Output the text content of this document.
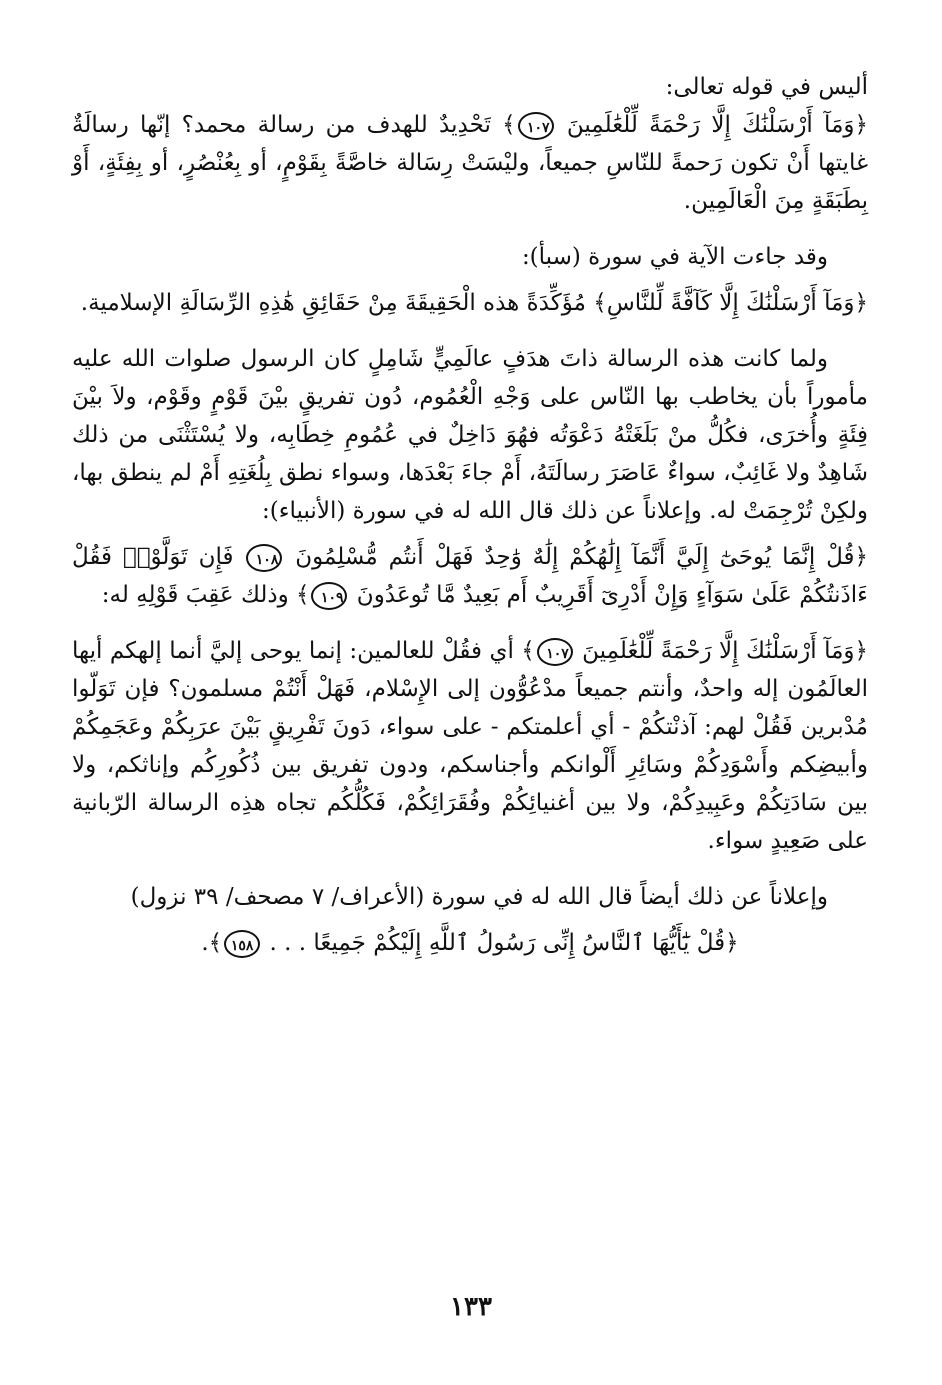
أليس في قوله تعالى:

﴿وَمَآ أَرْسَلْنَٰكَ إِلَّا رَحْمَةً لِّلْعَٰلَمِينَ ١٠٧﴾ تَحْدِيدٌ للهدف من رسالة محمد؟ إنّها رسالَةٌ غايتها أَنْ تكون رَحمةً للنّاسِ جميعاً، وليْسَتْ رِسَالة خاصَّةً بِقَوْمٍ، أو بِعُنْصُرٍ، أو بِفِئَةٍ، أَوْ بِطَبَقَةٍ مِنَ الْعَالَمِين.

وقد جاءت الآية في سورة (سبأ):

﴿وَمَآ أَرْسَلْنَٰكَ إِلَّا كَآفَّةً لِّلنَّاسِ﴾ مُؤَكِّدَةً هذه الْحَقِيقَةَ مِنْ حَقَائِقِ هَٰذِهِ الرِّسَالَةِ الإسلامية.

ولما كانت هذه الرسالة ذاتَ هدَفٍ عالَمِيٍّ شَامِلٍ كان الرسول صلوات الله عليه مأموراً بأن يخاطب بها النّاس على وَجْهِ الْعُمُوم، دُون تفريقٍ بيْنَ قَوْمٍ وقَوْم، ولاَ بيْنَ فِئَةٍ وأُخرَى، فكُلُّ منْ بَلَغَتْهُ دَعْوَتُه فهُوَ دَاخِلٌ في عُمُومِ خِطَابِه، ولا يُسْتَثْنَى من ذلك شَاهِدٌ ولا غَائِبٌ، سواءٌ عَاصَرَ رسالَتَهُ، أَمْ جاءَ بَعْدَها، وسواء نطق بِلُغَتِهِ أَمْ لم ينطق بها، ولكِنْ تُرْجِمَتْ له. وإعلاناً عن ذلك قال الله له في سورة (الأنبياء):

﴿قُلْ إِنَّمَا يُوحَىٰٓ إِلَيَّ أَنَّمَآ إِلَٰهُكُمْ إِلَٰهٌ وَٰحِدٌ فَهَلْ أَنتُم مُّسْلِمُونَ ١٠٨ فَإِن تَوَلَّوْا۟ فَقُلْ ءَاذَنتُكُمْ عَلَىٰ سَوَآءٍ وَإِنْ أَدْرِىٓ أَقَرِيبٌ أَم بَعِيدٌ مَّا تُوعَدُونَ ١٠٩﴾ وذلك عَقِبَ قَوْلِهِ له:

﴿وَمَآ أَرْسَلْنَٰكَ إِلَّا رَحْمَةً لِّلْعَٰلَمِينَ ١٠٧﴾ أي فقُلْ للعالمين: إنما يوحى إليَّ أنما إلهكم أيها العالَمُون إله واحدٌ، وأنتم جميعاً مدْعُوُّون إلى الإِسْلام، فَهَلْ أَنْتُمْ مسلمون؟ فإن تَوَلّوا مُدْبرين فَقُلْ لهم: آذنْتكُمْ - أي أعلمتكم - على سواء، دَونَ تَفْرِيقٍ بَيْنَ عرَبِكُمْ وعَجَمِكُمْ وأبيضِكم وأَسْوَدِكُمْ وسَائِرِ أَلْوانكم وأجناسكم، ودون تفريق بين ذُكُورِكُم وإناثكم، ولا بين سَادَتِكُمْ وعَبِيدِكُمْ، ولا بين أغنيائِكُمْ وفُقَرَائِكُمْ، فَكُلُّكُم تجاه هذِه الرسالة الرّبانية على صَعِيدٍ سواء.

وإعلاناً عن ذلك أيضاً قال الله له في سورة (الأعراف/ ٧ مصحف/ ٣٩ نزول)

﴿قُلْ يَٰٓأَيُّهَا ٱلنَّاسُ إِنِّى رَسُولُ ٱللَّهِ إِلَيْكُمْ جَمِيعًا . . . ١٥٨﴾.

١٣٣
